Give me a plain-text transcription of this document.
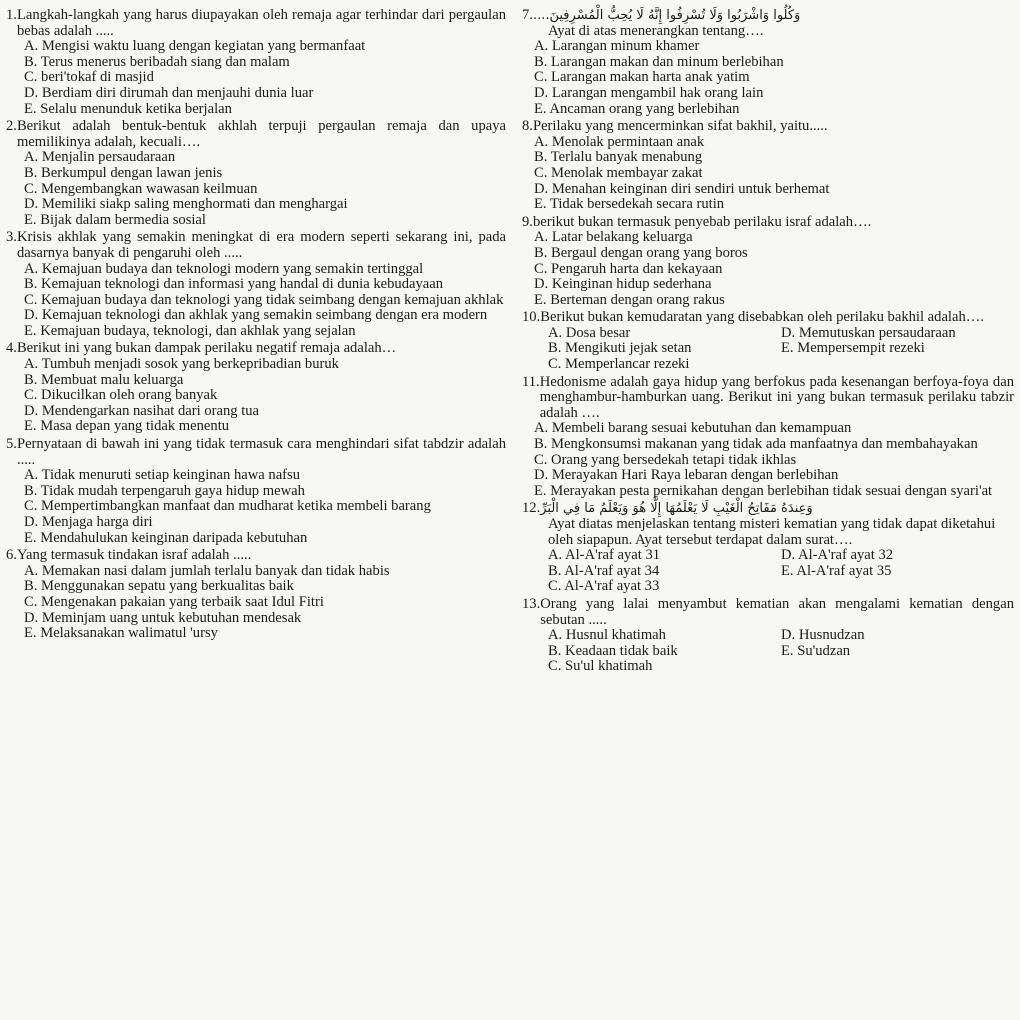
1. Langkah-langkah yang harus diupayakan oleh remaja agar terhindar dari pergaulan bebas adalah .....
A. Mengisi waktu luang dengan kegiatan yang bermanfaat
B. Terus menerus beribadah siang dan malam
C. beri'tokaf di masjid
D. Berdiam diri dirumah dan menjauhi dunia luar
E. Selalu menunduk ketika berjalan
2. Berikut adalah bentuk-bentuk akhlah terpuji pergaulan remaja dan upaya memilikinya adalah, kecuali….
A. Menjalin persaudaraan
B. Berkumpul dengan lawan jenis
C. Mengembangkan wawasan keilmuan
D. Memiliki siakp saling menghormati dan menghargai
E. Bijak dalam bermedia sosial
3. Krisis akhlak yang semakin meningkat di era modern seperti sekarang ini, pada dasarnya banyak di pengaruhi oleh .....
A. Kemajuan budaya dan teknologi modern yang semakin tertinggal
B. Kemajuan teknologi dan informasi yang handal di dunia kebudayaan
C. Kemajuan budaya dan teknologi yang tidak seimbang dengan kemajuan akhlak
D. Kemajuan teknologi dan akhlak yang semakin seimbang dengan era modern
E. Kemajuan budaya, teknologi, dan akhlak yang sejalan
4. Berikut ini yang bukan dampak perilaku negatif remaja adalah…
A. Tumbuh menjadi sosok yang berkepribadian buruk
B. Membuat malu keluarga
C. Dikucilkan oleh orang banyak
D. Mendengarkan nasihat dari orang tua
E. Masa depan yang tidak menentu
5. Pernyataan di bawah ini yang tidak termasuk cara menghindari sifat tabdzir adalah .....
A. Tidak menuruti setiap keinginan hawa nafsu
B. Tidak mudah terpengaruh gaya hidup mewah
C. Mempertimbangkan manfaat dan mudharat ketika membeli barang
D. Menjaga harga diri
E. Mendahulukan keinginan daripada kebutuhan
6. Yang termasuk tindakan israf adalah .....
A. Memakan nasi dalam jumlah terlalu banyak dan tidak habis
B. Menggunakan sepatu yang berkualitas baik
C. Mengenakan pakaian yang terbaik saat Idul Fitri
D. Meminjam uang untuk kebutuhan mendesak
E. Melaksanakan walimatul 'ursy
7. وَكُلُوا وَاشْرَبُوا وَلَا تُسْرِفُوا إِنَّهُ لَا يُحِبُّ الْمُسْرِفِينَ....
Ayat di atas menerangkan tentang….
A. Larangan minum khamer
B. Larangan makan dan minum berlebihan
C. Larangan makan harta anak yatim
D. Larangan mengambil hak orang lain
E. Ancaman orang yang berlebihan
8. Perilaku yang mencerminkan sifat bakhil, yaitu.....
A. Menolak permintaan anak
B. Terlalu banyak menabung
C. Menolak membayar zakat
D. Menahan keinginan diri sendiri untuk berhemat
E. Tidak bersedekah secara rutin
9. berikut bukan termasuk penyebab perilaku israf adalah….
A. Latar belakang keluarga
B. Bergaul dengan orang yang boros
C. Pengaruh harta dan kekayaan
D. Keinginan hidup sederhana
E. Berteman dengan orang rakus
10. Berikut bukan kemudaratan yang disebabkan oleh perilaku bakhil adalah….
A. Dosa besar	D. Memutuskan persaudaraan
B. Mengikuti jejak setan	E. Mempersempit rezeki
C. Memperlancar rezeki
11. Hedonisme adalah gaya hidup yang berfokus pada kesenangan berfoya-foya dan menghambur-hamburkan uang. Berikut ini yang bukan termasuk perilaku tabzir adalah ….
A. Membeli barang sesuai kebutuhan dan kemampuan
B. Mengkonsumsi makanan yang tidak ada manfaatnya dan membahayakan
C. Orang yang bersedekah tetapi tidak ikhlas
D. Merayakan Hari Raya lebaran dengan berlebihan
E. Merayakan pesta pernikahan dengan berlebihan tidak sesuai dengan syari'at
12. وَعِندَهُ مَفَاتِحُ الْغَيْبِ لَا يَعْلَمُهَا إِلَّا هُوَ وَيَعْلَمُ مَا فِي الْبَرِّ
Ayat diatas menjelaskan tentang misteri kematian yang tidak dapat diketahui oleh siapapun. Ayat tersebut terdapat dalam surat….
A. Al-A'raf ayat 31	D. Al-A'raf ayat 32
B. Al-A'raf ayat 34	E. Al-A'raf ayat 35
C. Al-A'raf ayat 33
13. Orang yang lalai menyambut kematian akan mengalami kematian dengan sebutan .....
A. Husnul khatimah	D. Husnudzan
B. Keadaan tidak baik	E. Su'udzan
C. Su'ul khatimah
